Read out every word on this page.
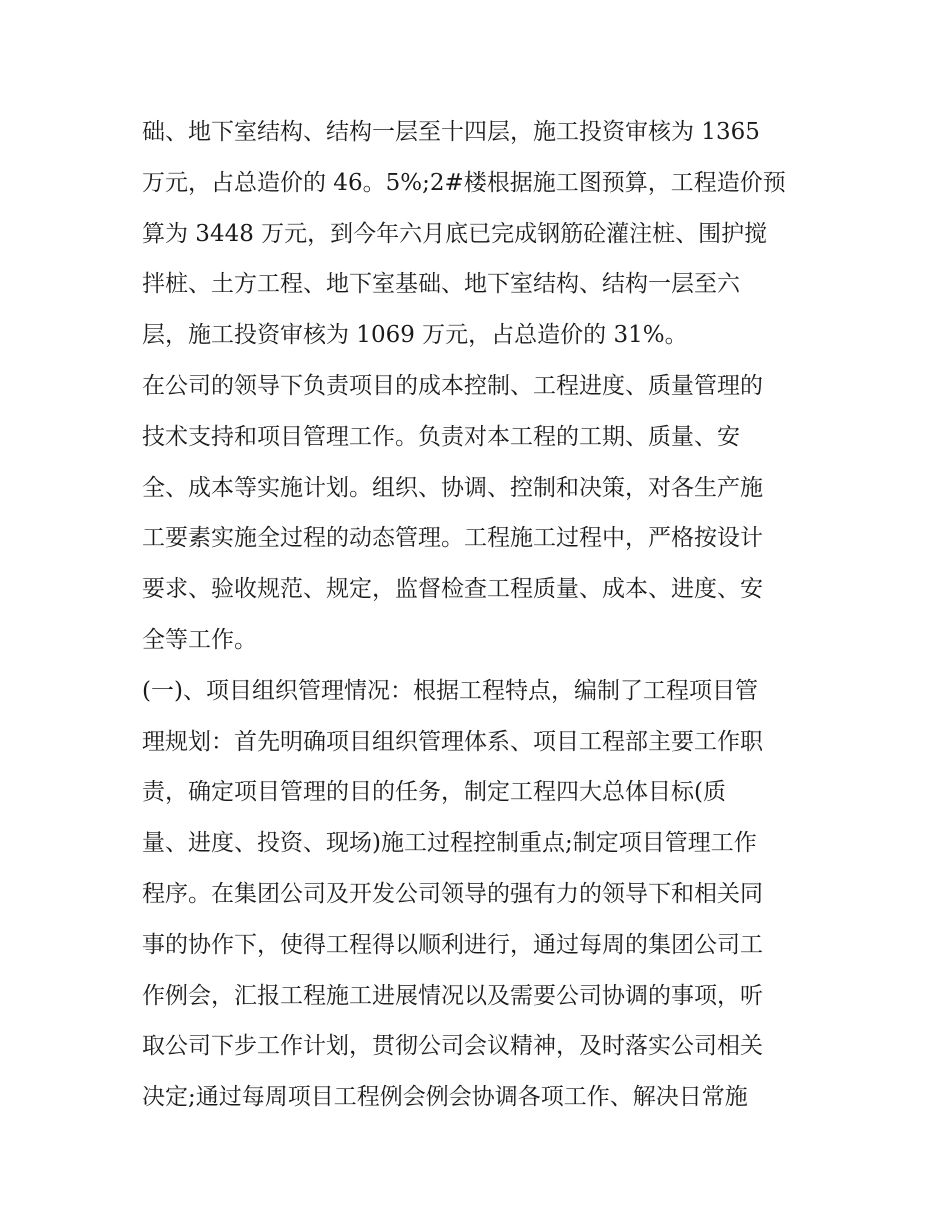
础、地下室结构、结构一层至十四层，施工投资审核为 1365
万元，占总造价的 46。5%;2#楼根据施工图预算，工程造价预
算为 3448 万元，到今年六月底已完成钢筋砼灌注桩、围护搅
拌桩、土方工程、地下室基础、地下室结构、结构一层至六
层，施工投资审核为 1069 万元，占总造价的 31%。
在公司的领导下负责项目的成本控制、工程进度、质量管理的
技术支持和项目管理工作。负责对本工程的工期、质量、安
全、成本等实施计划。组织、协调、控制和决策，对各生产施
工要素实施全过程的动态管理。工程施工过程中，严格按设计
要求、验收规范、规定，监督检查工程质量、成本、进度、安
全等工作。
(一)、项目组织管理情况：根据工程特点，编制了工程项目管
理规划：首先明确项目组织管理体系、项目工程部主要工作职
责，确定项目管理的目的任务，制定工程四大总体目标(质
量、进度、投资、现场)施工过程控制重点;制定项目管理工作
程序。在集团公司及开发公司领导的强有力的领导下和相关同
事的协作下，使得工程得以顺利进行，通过每周的集团公司工
作例会，汇报工程施工进展情况以及需要公司协调的事项，听
取公司下步工作计划，贯彻公司会议精神，及时落实公司相关
决定;通过每周项目工程例会例会协调各项工作、解决日常施
